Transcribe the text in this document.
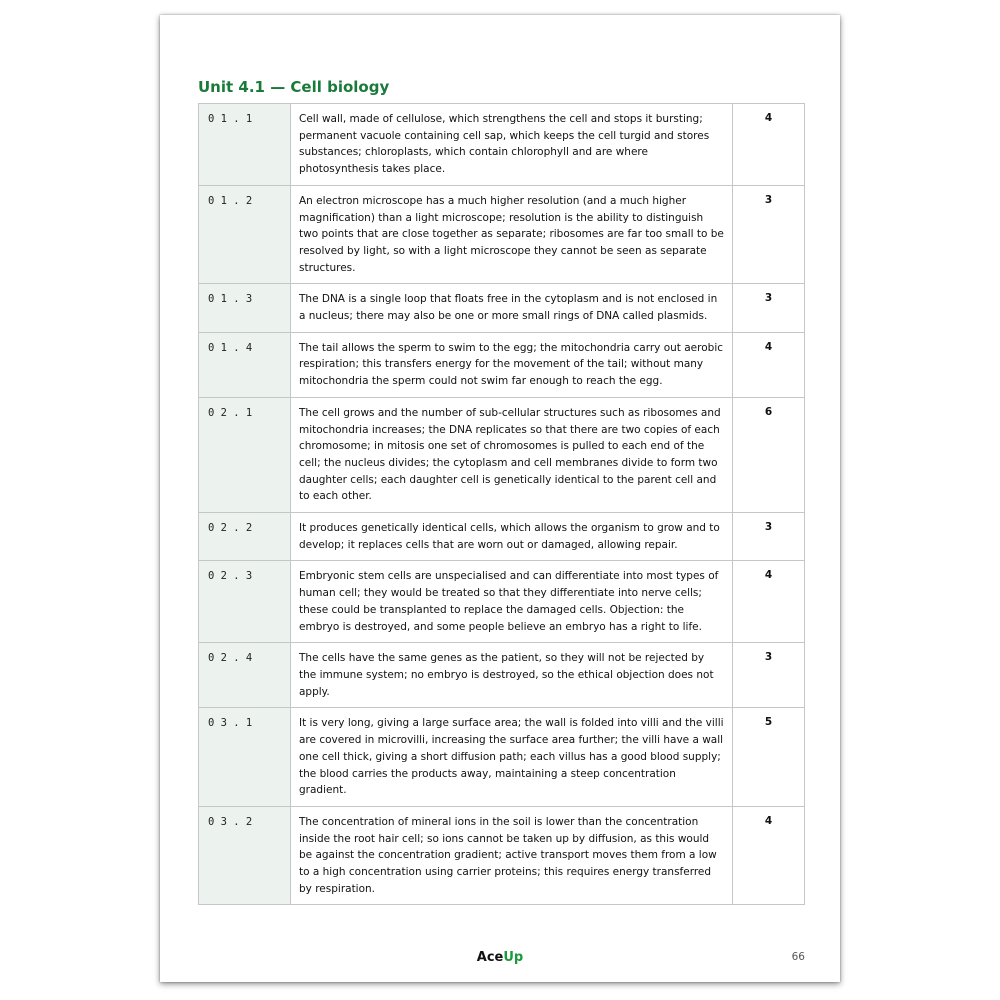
Unit 4.1 — Cell biology
0 1 . 1	Cell wall, made of cellulose, which strengthens the cell and stops it bursting; permanent vacuole containing cell sap, which keeps the cell turgid and stores substances; chloroplasts, which contain chlorophyll and are where photosynthesis takes place.	4
0 1 . 2	An electron microscope has a much higher resolution (and a much higher magnification) than a light microscope; resolution is the ability to distinguish two points that are close together as separate; ribosomes are far too small to be resolved by light, so with a light microscope they cannot be seen as separate structures.	3
0 1 . 3	The DNA is a single loop that floats free in the cytoplasm and is not enclosed in a nucleus; there may also be one or more small rings of DNA called plasmids.	3
0 1 . 4	The tail allows the sperm to swim to the egg; the mitochondria carry out aerobic respiration; this transfers energy for the movement of the tail; without many mitochondria the sperm could not swim far enough to reach the egg.	4
0 2 . 1	The cell grows and the number of sub-cellular structures such as ribosomes and mitochondria increases; the DNA replicates so that there are two copies of each chromosome; in mitosis one set of chromosomes is pulled to each end of the cell; the nucleus divides; the cytoplasm and cell membranes divide to form two daughter cells; each daughter cell is genetically identical to the parent cell and to each other.	6
0 2 . 2	It produces genetically identical cells, which allows the organism to grow and to develop; it replaces cells that are worn out or damaged, allowing repair.	3
0 2 . 3	Embryonic stem cells are unspecialised and can differentiate into most types of human cell; they would be treated so that they differentiate into nerve cells; these could be transplanted to replace the damaged cells. Objection: the embryo is destroyed, and some people believe an embryo has a right to life.	4
0 2 . 4	The cells have the same genes as the patient, so they will not be rejected by the immune system; no embryo is destroyed, so the ethical objection does not apply.	3
0 3 . 1	It is very long, giving a large surface area; the wall is folded into villi and the villi are covered in microvilli, increasing the surface area further; the villi have a wall one cell thick, giving a short diffusion path; each villus has a good blood supply; the blood carries the products away, maintaining a steep concentration gradient.	5
0 3 . 2	The concentration of mineral ions in the soil is lower than the concentration inside the root hair cell; so ions cannot be taken up by diffusion, as this would be against the concentration gradient; active transport moves them from a low to a high concentration using carrier proteins; this requires energy transferred by respiration.	4
AceUp	66
